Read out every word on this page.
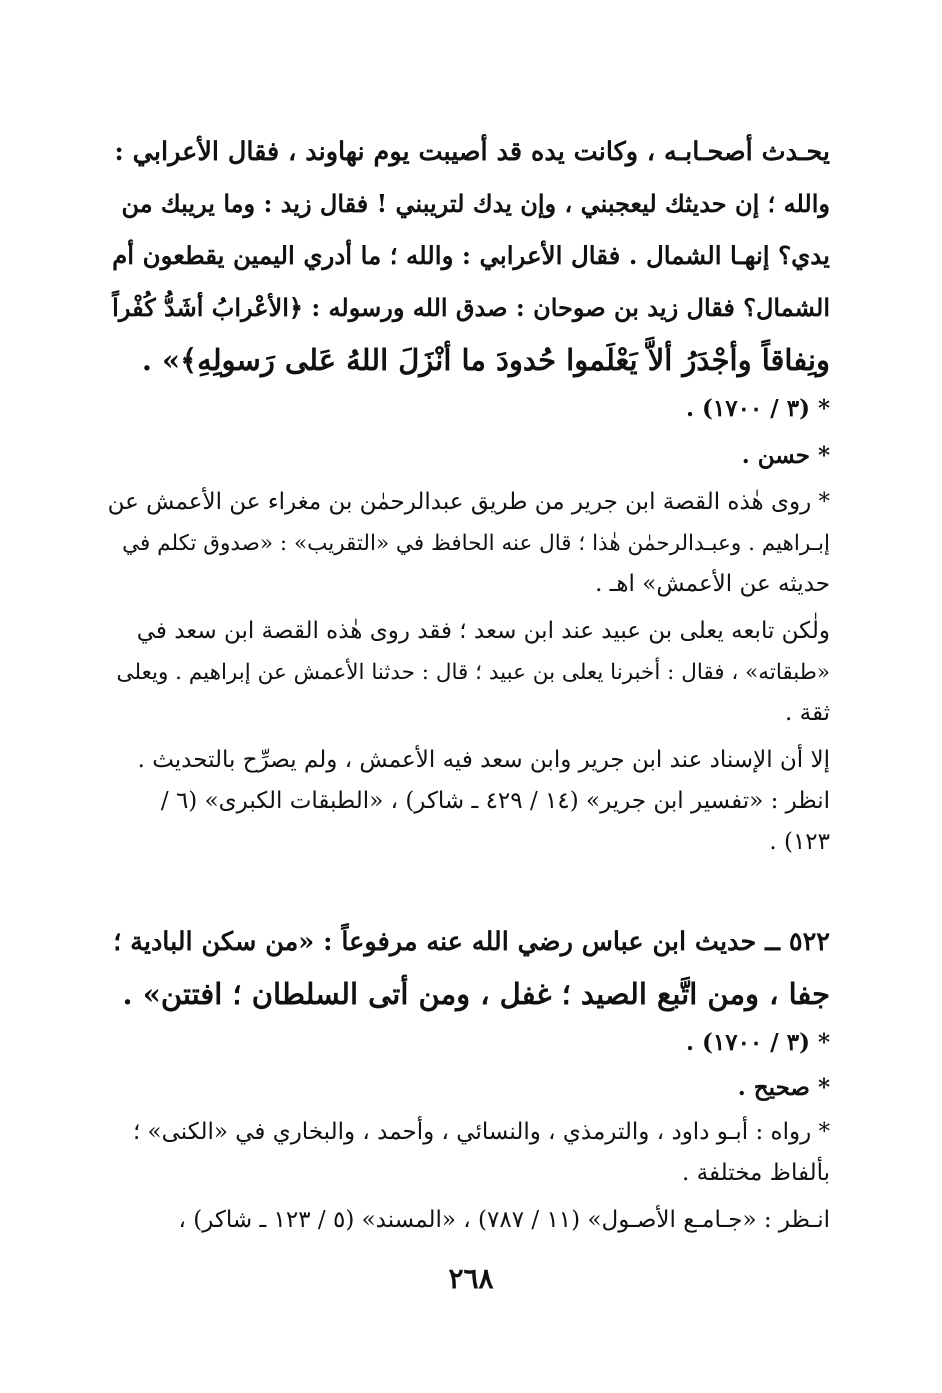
يحـدث أصحـابـه ، وكانت يده قد أصيبت يوم نهاوند ، فقال الأعرابي :
والله ؛ إن حديثك ليعجبني ، وإن يدك لتريبني ! فقال زيد : وما يريبك من
يدي؟ إنهـا الشمال . فقال الأعرابي : والله ؛ ما أدري اليمين يقطعون أم
الشمال؟ فقال زيد بن صوحان : صدق الله ورسوله : ﴿الأعْرابُ أشَدُّ كُفْراً
ونِفاقاً وأجْدَرُ ألاَّ يَعْلَموا حُدودَ ما أنْزَلَ اللهُ عَلى رَسولِهِ﴾» .
* (٣ / ١٧٠٠) .
* حسن .
* روى هٰذه القصة ابن جرير من طريق عبدالرحمٰن بن مغراء عن الأعمش عن
إبـراهيم . وعبـدالرحمٰن هٰذا ؛ قال عنه الحافظ في «التقريب» : «صدوق تكلم في
حديثه عن الأعمش» اهـ .
ولٰكن تابعه يعلى بن عبيد عند ابن سعد ؛ فقد روى هٰذه القصة ابن سعد في
«طبقاته» ، فقال : أخبرنا يعلى بن عبيد ؛ قال : حدثنا الأعمش عن إبراهيم . ويعلى
ثقة .
إلا أن الإسناد عند ابن جرير وابن سعد فيه الأعمش ، ولم يصرِّح بالتحديث .
انظر : «تفسير ابن جرير» (١٤ / ٤٢٩ ـ شاكر) ، «الطبقات الكبرى» (٦ /
١٢٣) .
٥٢٢ ــ حديث ابن عباس رضي الله عنه مرفوعاً : «من سكن البادية ؛
جفا ، ومن اتَّبع الصيد ؛ غفل ، ومن أتى السلطان ؛ افتتن» .
* (٣ / ١٧٠٠) .
* صحيح .
* رواه : أبـو داود ، والترمذي ، والنسائي ، وأحمد ، والبخاري في «الكنى» ؛
بألفاظ مختلفة .
انـظر : «جـامـع الأصـول» (١١ / ٧٨٧) ، «المسند» (٥ / ١٢٣ ـ شاكر) ،
٢٦٨
